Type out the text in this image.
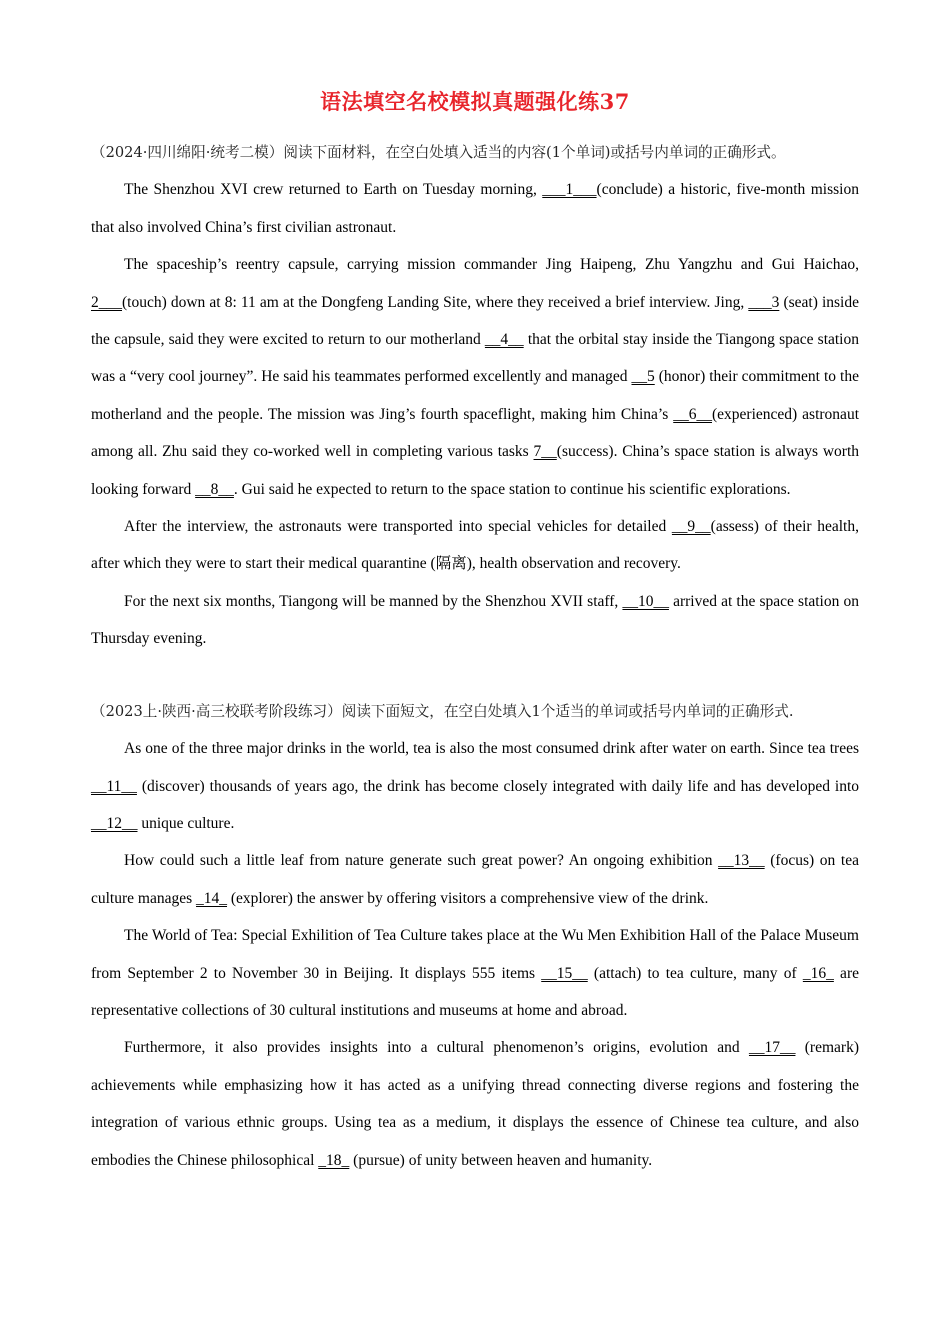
语法填空名校模拟真题强化练37

（2024·四川绵阳·统考二模）阅读下面材料，在空白处填入适当的内容(1个单词)或括号内单词的正确形式。

The Shenzhou XVI crew returned to Earth on Tuesday morning, ___1___(conclude) a historic, five-month mission that also involved China’s first civilian astronaut.

The spaceship’s reentry capsule, carrying mission commander Jing Haipeng, Zhu Yangzhu and Gui Haichao, 2___(touch) down at 8: 11 am at the Dongfeng Landing Site, where they received a brief interview. Jing, ___3 (seat) inside the capsule, said they were excited to return to our motherland __4__ that the orbital stay inside the Tiangong space station was a “very cool journey”. He said his teammates performed excellently and managed __5 (honor) their commitment to the motherland and the people. The mission was Jing’s fourth spaceflight, making him China’s __6__(experienced) astronaut among all. Zhu said they co-worked well in completing various tasks 7__(success). China’s space station is always worth looking forward __8__. Gui said he expected to return to the space station to continue his scientific explorations.

After the interview, the astronauts were transported into special vehicles for detailed __9__(assess) of their health, after which they were to start their medical quarantine (隔离), health observation and recovery.

For the next six months, Tiangong will be manned by the Shenzhou XVII staff, __10__ arrived at the space station on Thursday evening.

（2023上·陕西·高三校联考阶段练习）阅读下面短文，在空白处填入1个适当的单词或括号内单词的正确形式.

As one of the three major drinks in the world, tea is also the most consumed drink after water on earth. Since tea trees __11__ (discover) thousands of years ago, the drink has become closely integrated with daily life and has developed into __12__ unique culture.

How could such a little leaf from nature generate such great power? An ongoing exhibition __13__ (focus) on tea culture manages _14_ (explorer) the answer by offering visitors a comprehensive view of the drink.

The World of Tea: Special Exhilition of Tea Culture takes place at the Wu Men Exhibition Hall of the Palace Museum from September 2 to November 30 in Beijing. It displays 555 items __15__ (attach) to tea culture, many of _16_ are representative collections of 30 cultural institutions and museums at home and abroad.

Furthermore, it also provides insights into a cultural phenomenon’s origins, evolution and __17__ (remark) achievements while emphasizing how it has acted as a unifying thread connecting diverse regions and fostering the integration of various ethnic groups. Using tea as a medium, it displays the essence of Chinese tea culture, and also embodies the Chinese philosophical _18_ (pursue) of unity between heaven and humanity.
